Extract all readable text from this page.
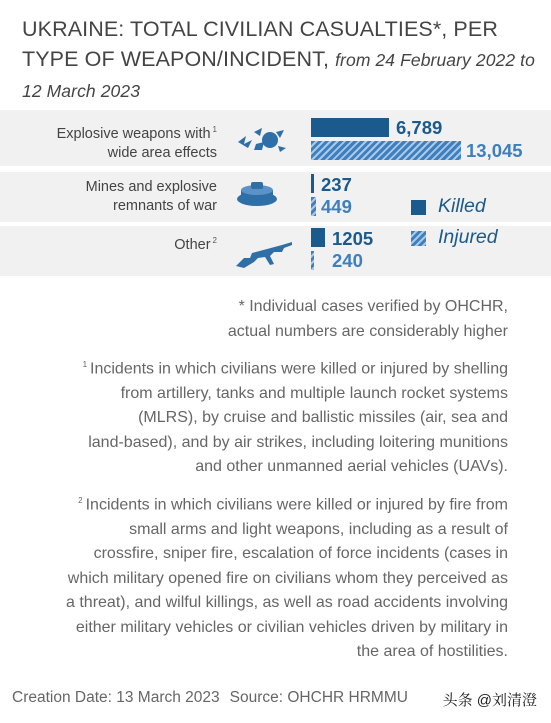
UKRAINE: TOTAL CIVILIAN CASUALTIES*, PER TYPE OF WEAPON/INCIDENT, from 24 February 2022 to 12 March 2023
Explosive weapons with $^1$
wide area effects
Mines and explosive
remnants of war
Other $^2$
6,789
13,045
237
449
1205
240
Killed
Injured
* Individual cases verified by OHCHR,
actual numbers are considerably higher
$^1$ Incidents in which civilians were killed or injured by shelling
from artillery, tanks and multiple launch rocket systems
(MLRS), by cruise and ballistic missiles (air, sea and
land-based), and by air strikes, including loitering munitions
and other unmanned aerial vehicles (UAVs).
$^2$ Incidents in which civilians were killed or injured by fire from
small arms and light weapons, including as a result of
crossfire, sniper fire, escalation of force incidents (cases in
which military opened fire on civilians whom they perceived as
a threat), and wilful killings, as well as road accidents involving
either military vehicles or civilian vehicles driven by military in
the area of hostilities.
Creation Date: 13 March 2023 Source: OHCHR HRMMU 头条 @刘清澄
